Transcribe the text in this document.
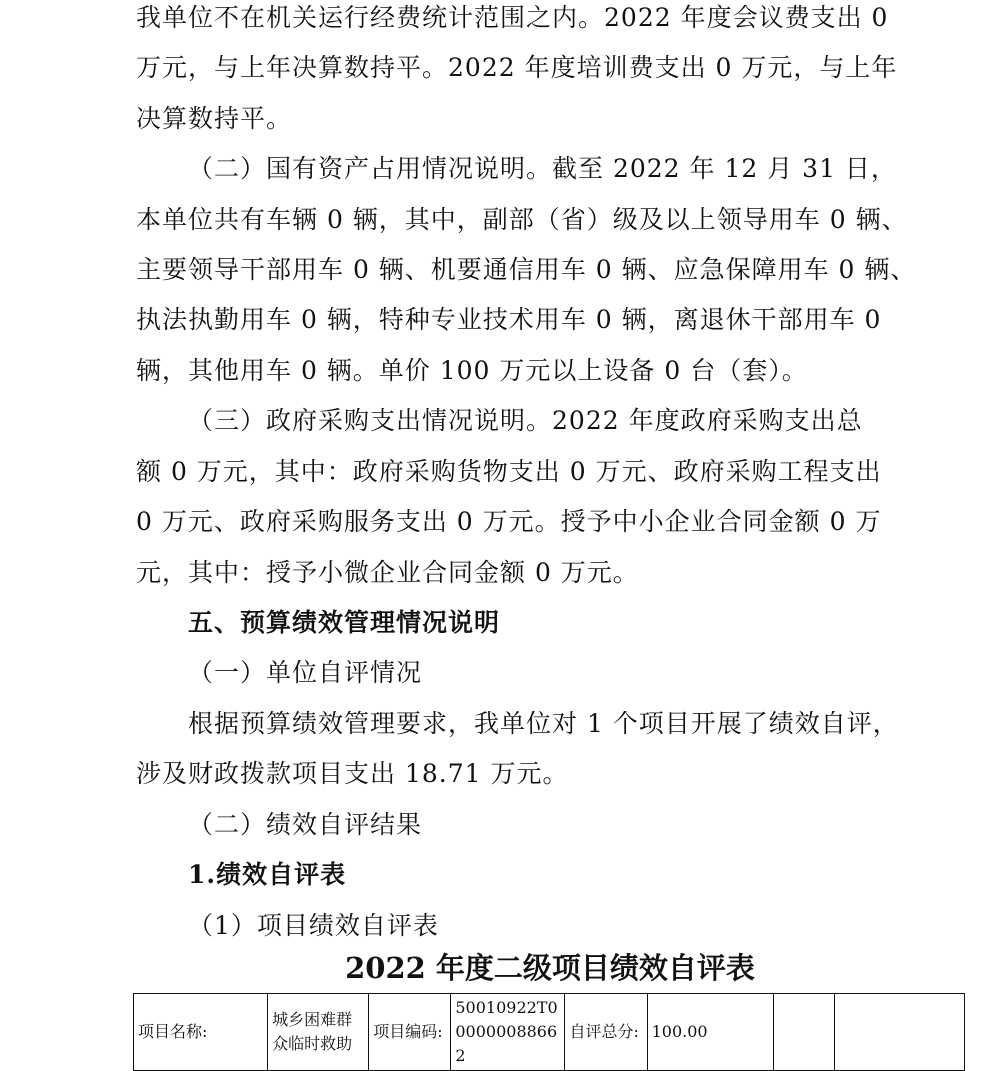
我单位不在机关运行经费统计范围之内。2022 年度会议费支出 0
万元，与上年决算数持平。2022 年度培训费支出 0 万元，与上年
决算数持平。
（二）国有资产占用情况说明。截至 2022 年 12 月 31 日，
本单位共有车辆 0 辆，其中，副部（省）级及以上领导用车 0 辆、
主要领导干部用车 0 辆、机要通信用车 0 辆、应急保障用车 0 辆、
执法执勤用车 0 辆，特种专业技术用车 0 辆，离退休干部用车 0
辆，其他用车 0 辆。单价 100 万元以上设备 0 台（套）。
（三）政府采购支出情况说明。2022 年度政府采购支出总
额 0 万元，其中：政府采购货物支出 0 万元、政府采购工程支出
0 万元、政府采购服务支出 0 万元。授予中小企业合同金额 0 万
元，其中：授予小微企业合同金额 0 万元。
五、预算绩效管理情况说明
（一）单位自评情况
根据预算绩效管理要求，我单位对 1 个项目开展了绩效自评，
涉及财政拨款项目支出 18.71 万元。
（二）绩效自评结果
1.绩效自评表
（1）项目绩效自评表
2022 年度二级项目绩效自评表
项目名称:	城乡困难群众临时救助	项目编码:	50010922T000000088662	自评总分:	100.00		
